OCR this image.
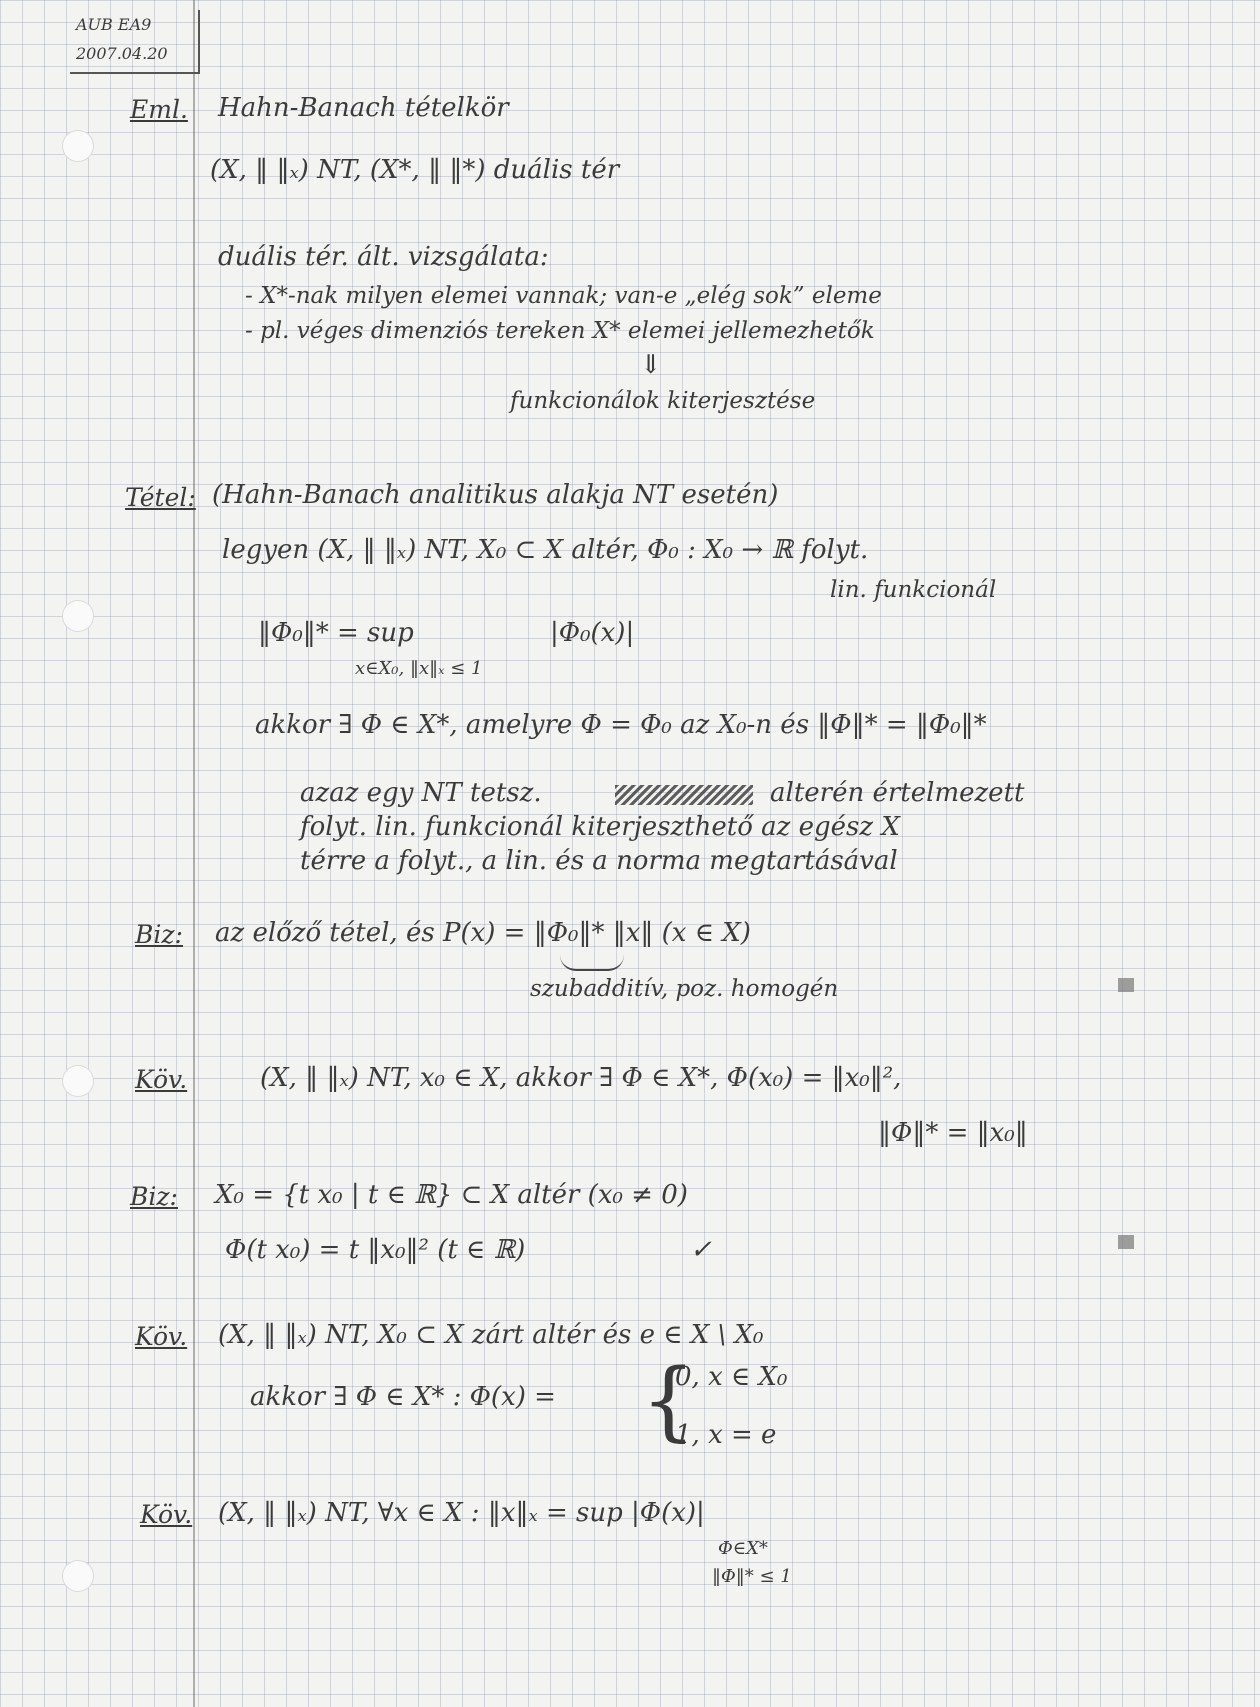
AUB EA9
2007.04.20
Eml. Hahn-Banach tételkör
(X, ‖ ‖ₓ) NT, (X*, ‖ ‖*) duális tér
duális tér. ált. vizsgálata:
- X*-nak milyen elemei vannak; van-e „elég sok” eleme
- pl. véges dimenziós tereken X* elemei jellemezhetők
⇓
funkcionálok kiterjesztése
Tétel: (Hahn-Banach analitikus alakja NT esetén)
legyen (X, ‖ ‖ₓ) NT, X₀ ⊂ X altér, Φ₀ : X₀ → ℝ folyt.
lin. funkcionál
‖Φ₀‖* = sup
x∈X₀, ‖x‖ₓ ≤ 1
|Φ₀(x)|
akkor ∃ Φ ∈ X*, amelyre Φ = Φ₀ az X₀-n és ‖Φ‖* = ‖Φ₀‖*
azaz egy NT tetsz.	alterén értelmezett
folyt. lin. funkcionál kiterjeszthető az egész X
térre a folyt., a lin. és a norma megtartásával
Biz: az előző tétel, és P(x) = ‖Φ₀‖* ‖x‖ (x ∈ X)
szubadditív, poz. homogén
Köv.	(X, ‖ ‖ₓ) NT, x₀ ∈ X, akkor ∃ Φ ∈ X*, Φ(x₀) = ‖x₀‖²,
‖Φ‖* = ‖x₀‖
Biz: X₀ = {t x₀ | t ∈ ℝ} ⊂ X altér (x₀ ≠ 0)
Φ(t x₀) = t ‖x₀‖² (t ∈ ℝ)	✓
Köv. (X, ‖ ‖ₓ) NT, X₀ ⊂ X zárt altér és e ∈ X \ X₀
akkor ∃ Φ ∈ X* : Φ(x) = {
0, x ∈ X₀
1, x = e
Köv. (X, ‖ ‖ₓ) NT, ∀x ∈ X : ‖x‖ₓ = sup |Φ(x)|
Φ∈X*
‖Φ‖* ≤ 1
